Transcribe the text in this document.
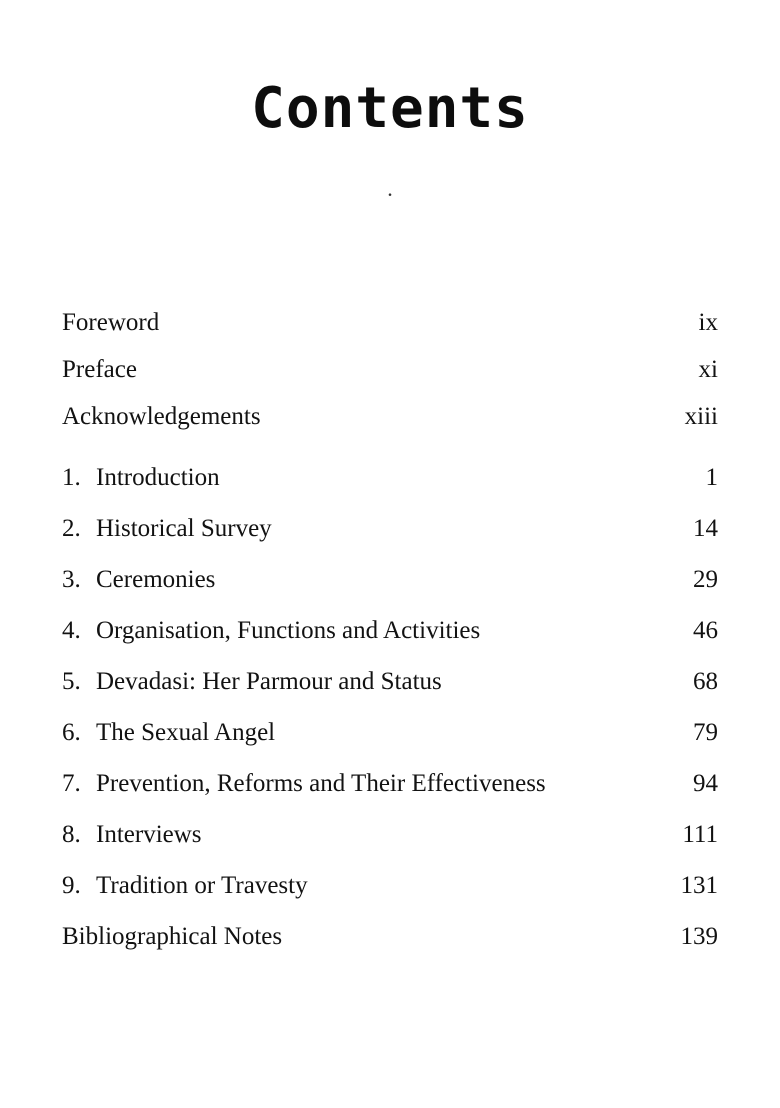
Contents
.
Foreword	ix
Preface	xi
Acknowledgements	xiii
1. Introduction	1
2. Historical Survey	14
3. Ceremonies	29
4. Organisation, Functions and Activities	46
5. Devadasi: Her Parmour and Status	68
6. The Sexual Angel	79
7. Prevention, Reforms and Their Effectiveness	94
8. Interviews	111
9. Tradition or Travesty	131
Bibliographical Notes	139
